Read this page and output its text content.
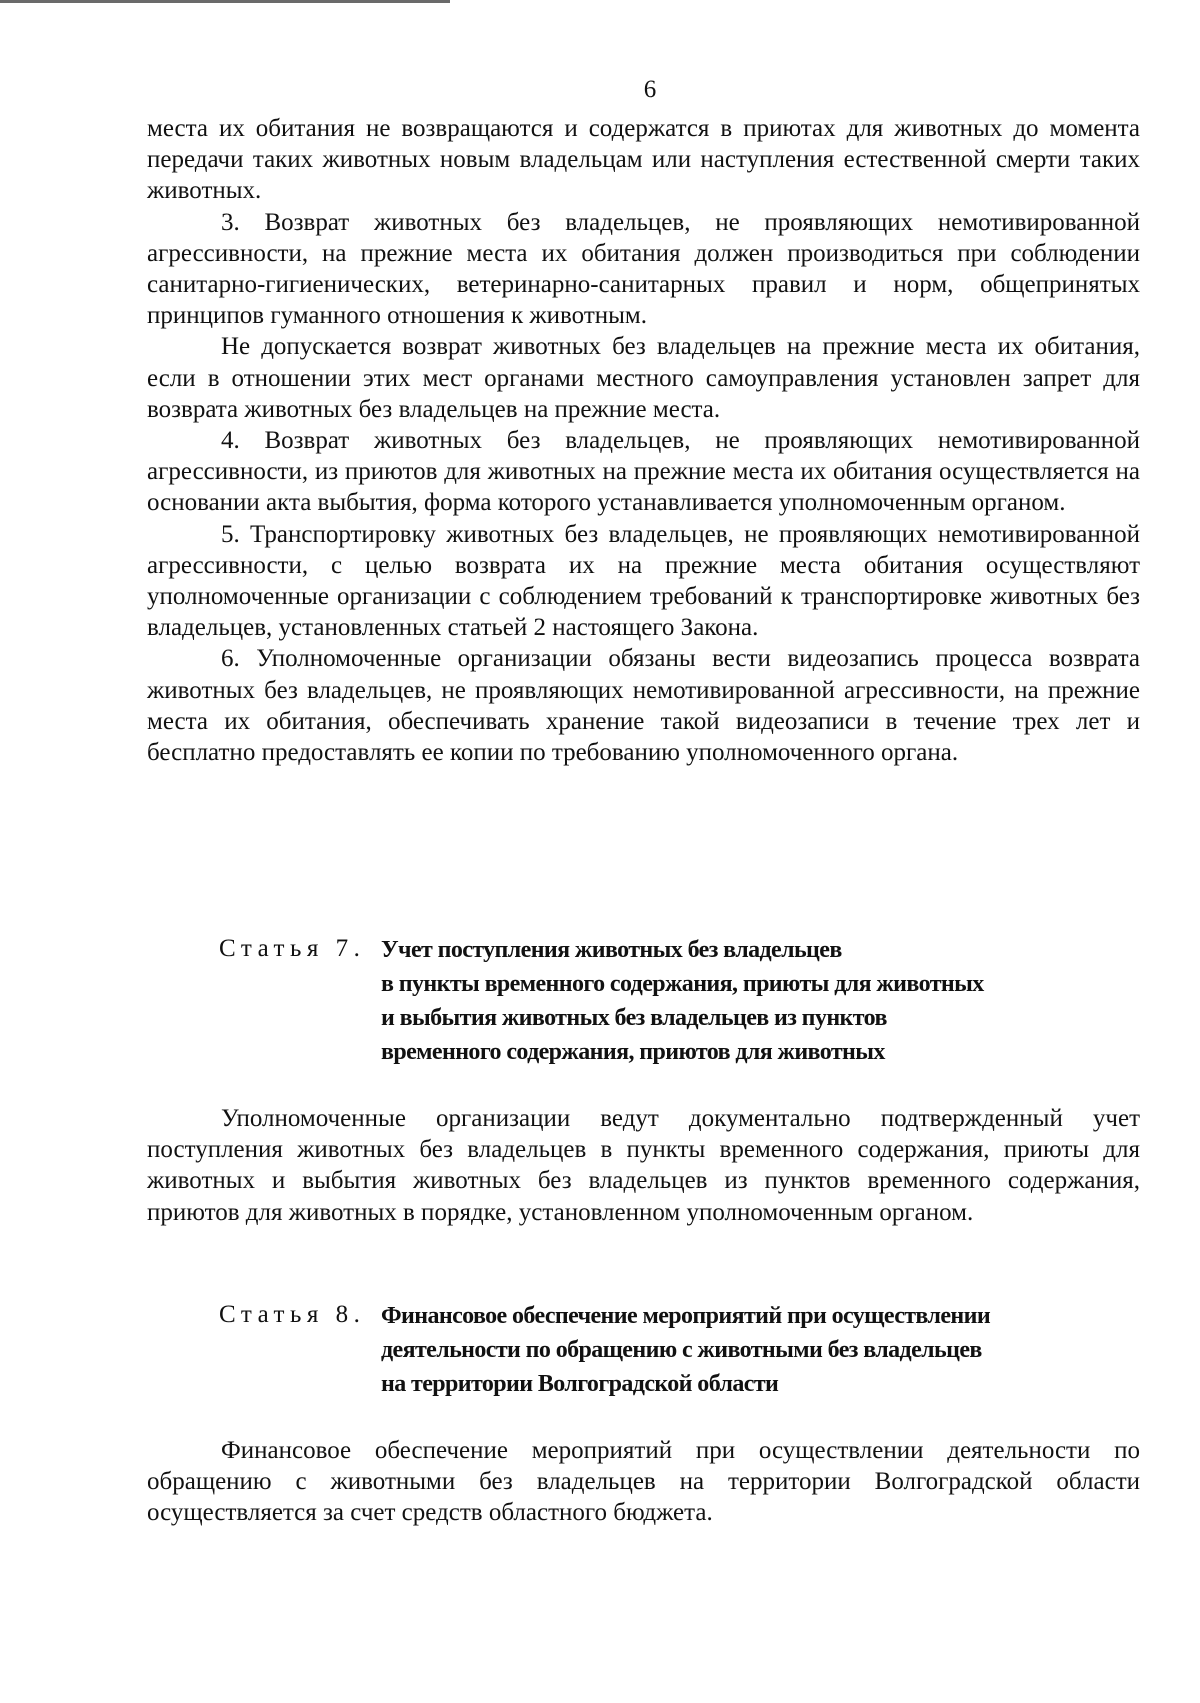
6

места их обитания не возвращаются и содержатся в приютах для животных до момента передачи таких животных новым владельцам или наступления естественной смерти таких животных.

3. Возврат животных без владельцев, не проявляющих немотивированной агрессивности, на прежние места их обитания должен производиться при соблюдении санитарно-гигиенических, ветеринарно-санитарных правил и норм, общепринятых принципов гуманного отношения к животным.

Не допускается возврат животных без владельцев на прежние места их обитания, если в отношении этих мест органами местного самоуправления установлен запрет для возврата животных без владельцев на прежние места.

4. Возврат животных без владельцев, не проявляющих немотивированной агрессивности, из приютов для животных на прежние места их обитания осуществляется на основании акта выбытия, форма которого устанавливается уполномоченным органом.

5. Транспортировку животных без владельцев, не проявляющих немотивированной агрессивности, с целью возврата их на прежние места обитания осуществляют уполномоченные организации с соблюдением требований к транспортировке животных без владельцев, установленных статьей 2 настоящего Закона.

6. Уполномоченные организации обязаны вести видеозапись процесса возврата животных без владельцев, не проявляющих немотивированной агрессивности, на прежние места их обитания, обеспечивать хранение такой видеозаписи в течение трех лет и бесплатно предоставлять ее копии по требованию уполномоченного органа.

Статья 7. Учет поступления животных без владельцев
в пункты временного содержания, приюты для животных
и выбытия животных без владельцев из пунктов
временного содержания, приютов для животных

Уполномоченные организации ведут документально подтвержденный учет поступления животных без владельцев в пункты временного содержания, приюты для животных и выбытия животных без владельцев из пунктов временного содержания, приютов для животных в порядке, установленном уполномоченным органом.

Статья 8. Финансовое обеспечение мероприятий при осуществлении
деятельности по обращению с животными без владельцев
на территории Волгоградской области

Финансовое обеспечение мероприятий при осуществлении деятельности по обращению с животными без владельцев на территории Волгоградской области осуществляется за счет средств областного бюджета.
